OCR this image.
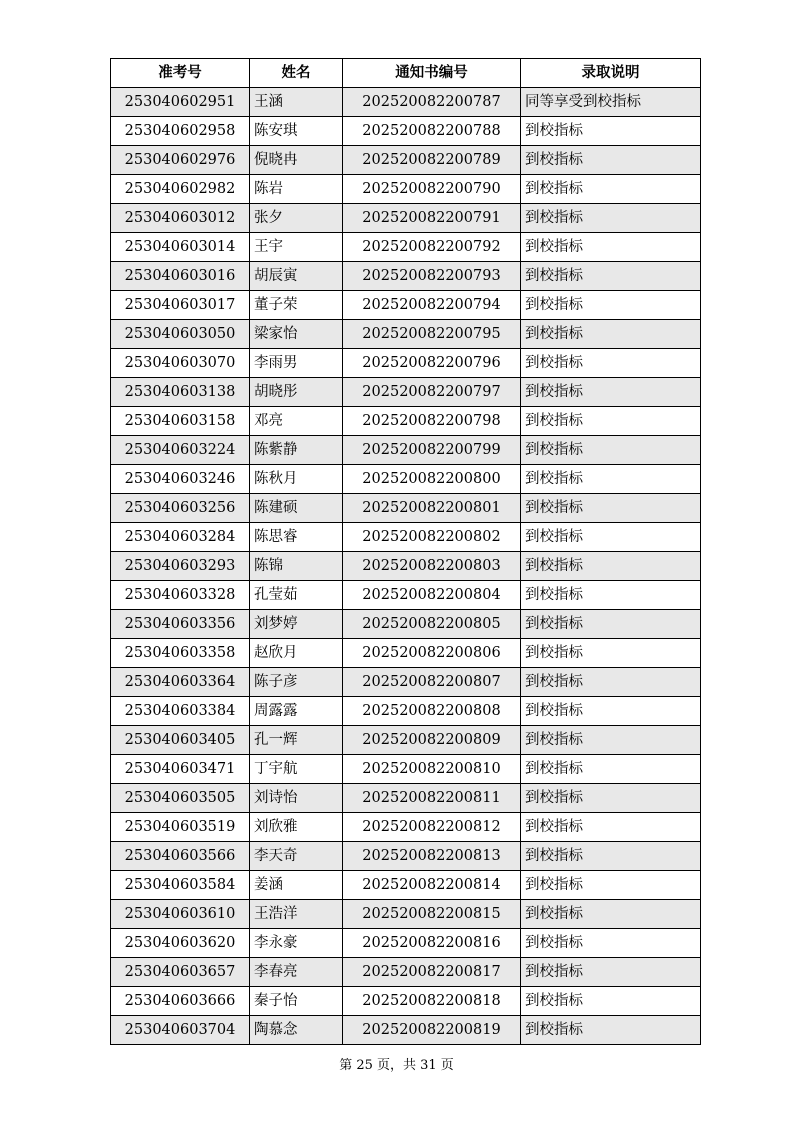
准考号	姓名	通知书编号	录取说明
253040602951	王涵	202520082200787	同等享受到校指标
253040602958	陈安琪	202520082200788	到校指标
253040602976	倪晓冉	202520082200789	到校指标
253040602982	陈岩	202520082200790	到校指标
253040603012	张夕	202520082200791	到校指标
253040603014	王宇	202520082200792	到校指标
253040603016	胡辰寅	202520082200793	到校指标
253040603017	董子荣	202520082200794	到校指标
253040603050	梁家怡	202520082200795	到校指标
253040603070	李雨男	202520082200796	到校指标
253040603138	胡晓彤	202520082200797	到校指标
253040603158	邓亮	202520082200798	到校指标
253040603224	陈紫静	202520082200799	到校指标
253040603246	陈秋月	202520082200800	到校指标
253040603256	陈建硕	202520082200801	到校指标
253040603284	陈思睿	202520082200802	到校指标
253040603293	陈锦	202520082200803	到校指标
253040603328	孔莹茹	202520082200804	到校指标
253040603356	刘梦婷	202520082200805	到校指标
253040603358	赵欣月	202520082200806	到校指标
253040603364	陈子彦	202520082200807	到校指标
253040603384	周露露	202520082200808	到校指标
253040603405	孔一辉	202520082200809	到校指标
253040603471	丁宇航	202520082200810	到校指标
253040603505	刘诗怡	202520082200811	到校指标
253040603519	刘欣雅	202520082200812	到校指标
253040603566	李天奇	202520082200813	到校指标
253040603584	姜涵	202520082200814	到校指标
253040603610	王浩洋	202520082200815	到校指标
253040603620	李永豪	202520082200816	到校指标
253040603657	李春亮	202520082200817	到校指标
253040603666	秦子怡	202520082200818	到校指标
253040603704	陶慕念	202520082200819	到校指标
第 25 页，共 31 页
